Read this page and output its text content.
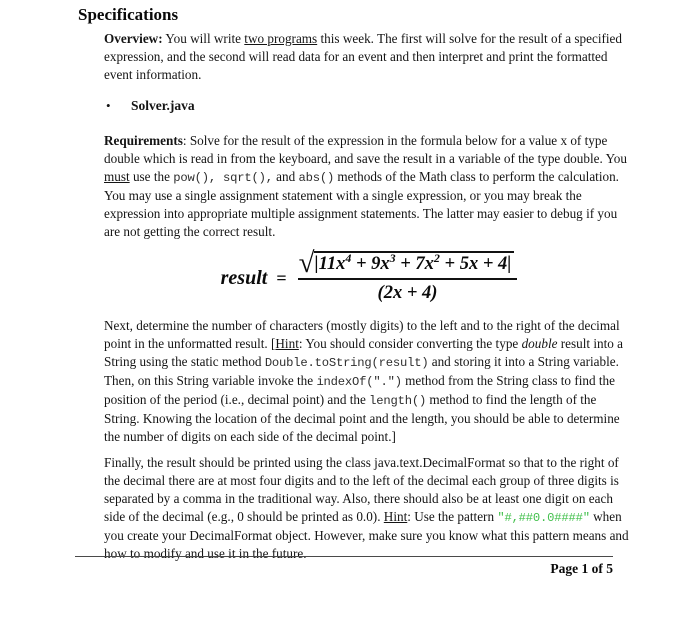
Specifications

Overview: You will write two programs this week. The first will solve for the result of a specified expression, and the second will read data for an event and then interpret and print the formatted event information.

• Solver.java

Requirements: Solve for the result of the expression in the formula below for a value x of type double which is read in from the keyboard, and save the result in a variable of the type double. You must use the pow(), sqrt(), and abs() methods of the Math class to perform the calculation. You may use a single assignment statement with a single expression, or you may break the expression into appropriate multiple assignment statements. The latter may easier to debug if you are not getting the correct result.

result = $\frac{√ |11x^4 + 9x^3 + 7x^2 + 5x + 4|}{(2x + 4)}$

Next, determine the number of characters (mostly digits) to the left and to the right of the decimal point in the unformatted result. [Hint: You should consider converting the type double result into a String using the static method Double.toString(result) and storing it into a String variable. Then, on this String variable invoke the indexOf(".") method from the String class to find the position of the period (i.e., decimal point) and the length() method to find the length of the String. Knowing the location of the decimal point and the length, you should be able to determine the number of digits on each side of the decimal point.]

Finally, the result should be printed using the class java.text.DecimalFormat so that to the right of the decimal there are at most four digits and to the left of the decimal each group of three digits is separated by a comma in the traditional way. Also, there should also be at least one digit on each side of the decimal (e.g., 0 should be printed as 0.0). Hint: Use the pattern "#,##0.0####" when you create your DecimalFormat object. However, make sure you know what this pattern means and how to modify and use it in the future.

Page 1 of 5
